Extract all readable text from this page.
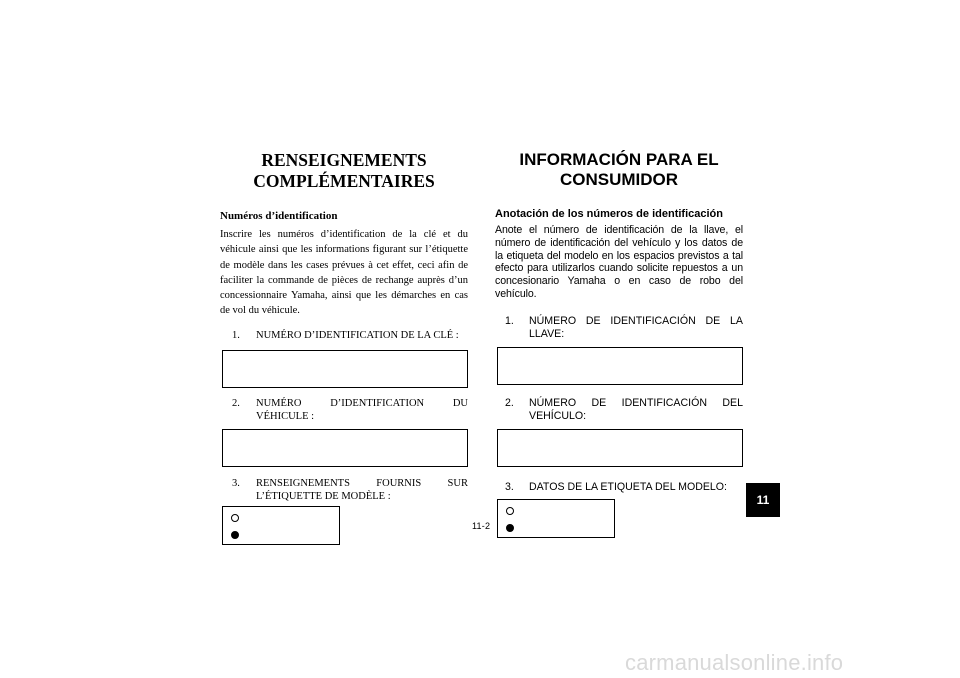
RENSEIGNEMENTS
COMPLÉMENTAIRES
Numéros d’identification
Inscrire les numéros d’identification de la clé et du véhicule ainsi que les informations figurant sur l’étiquette de modèle dans les cases prévues à cet effet, ceci afin de faciliter la commande de pièces de rechange auprès d’un concessionnaire Yamaha, ainsi que les démarches en cas de vol du véhicule.
1.	NUMÉRO D’IDENTIFICATION DE LA CLÉ :
2.	NUMÉRO D’IDENTIFICATION DU
VÉHICULE :
3.	RENSEIGNEMENTS FOURNIS SUR L’ÉTIQUETTE DE MODÈLE :
INFORMACIÓN PARA EL
CONSUMIDOR
Anotación de los números de identificación
Anote el número de identificación de la llave, el número de identificación del vehículo y los datos de la etiqueta del modelo en los espacios previstos a tal efecto para utilizarlos cuando solicite repuestos a un concesionario Yamaha o en caso de robo del vehículo.
1.	NÚMERO DE IDENTIFICACIÓN DE LA LLAVE:
2.	NÚMERO DE IDENTIFICACIÓN DEL VEHÍCULO:
3.	DATOS DE LA ETIQUETA DEL MODELO:
11-2
11
carmanualsonline.info
